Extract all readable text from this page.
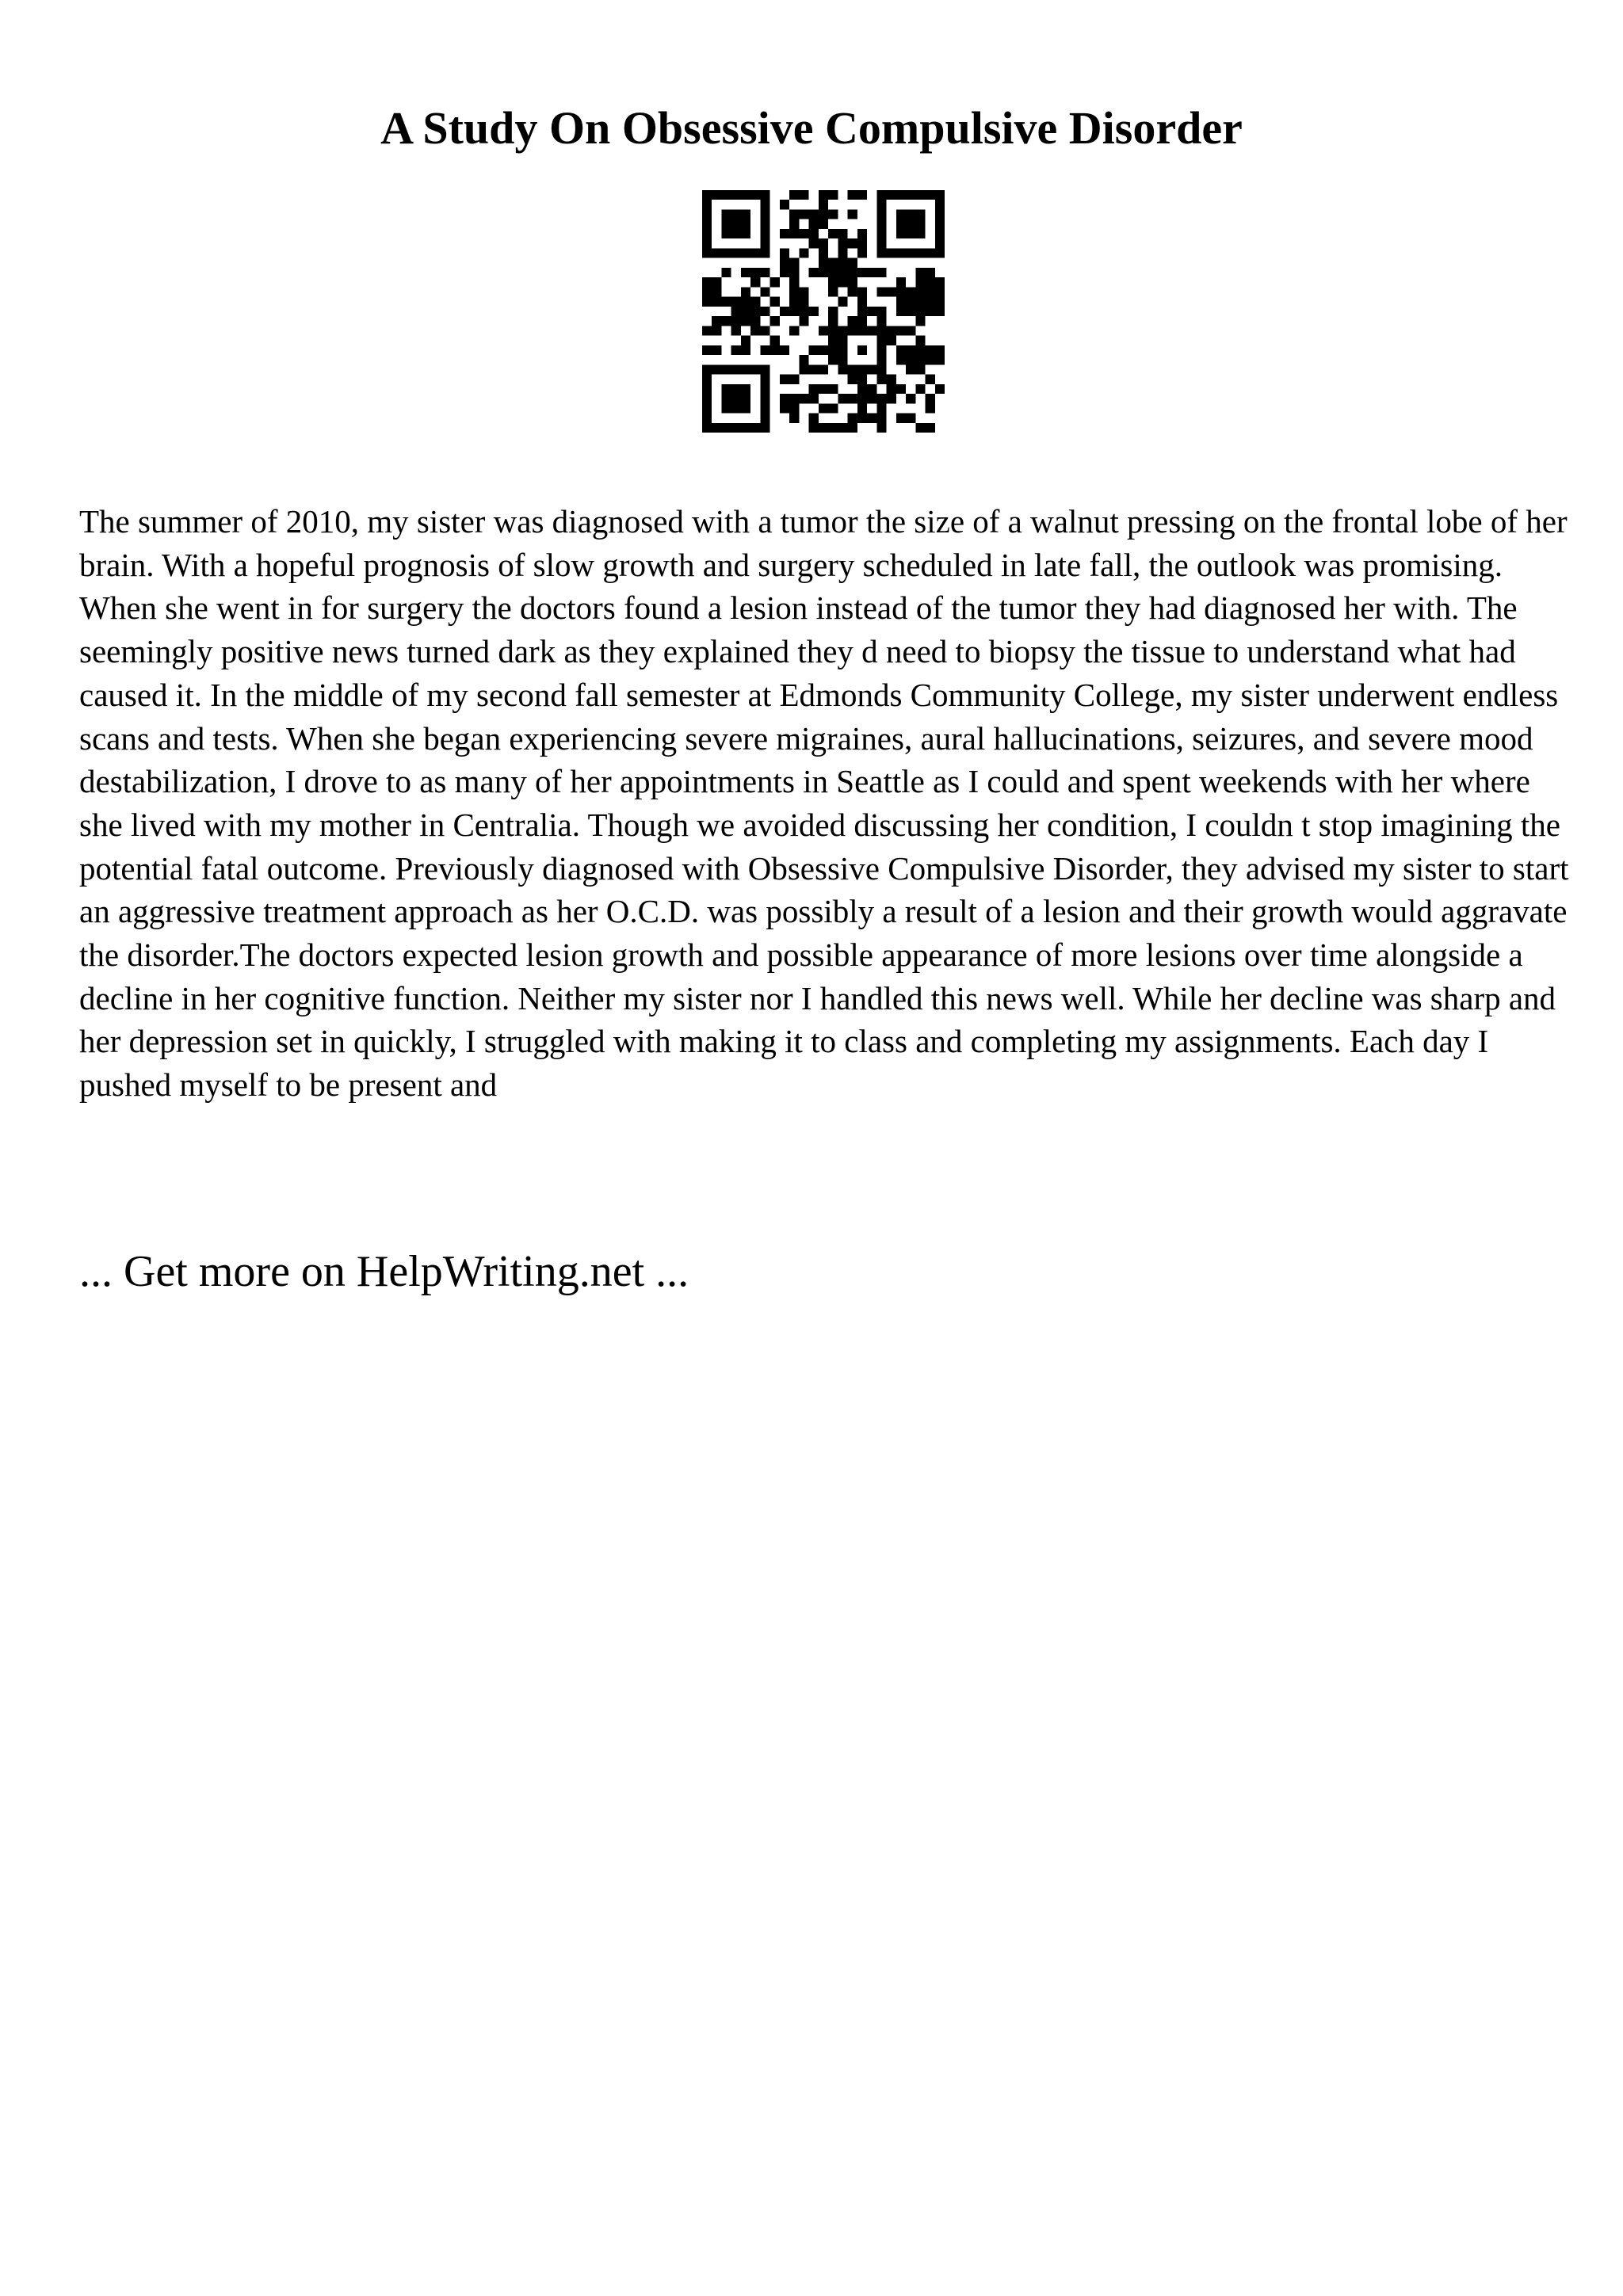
A Study On Obsessive Compulsive Disorder

The summer of 2010, my sister was diagnosed with a tumor the size of a walnut pressing on the frontal lobe of her brain. With a hopeful prognosis of slow growth and surgery scheduled in late fall, the outlook was promising. When she went in for surgery the doctors found a lesion instead of the tumor they had diagnosed her with. The seemingly positive news turned dark as they explained they d need to biopsy the tissue to understand what had caused it. In the middle of my second fall semester at Edmonds Community College, my sister underwent endless scans and tests. When she began experiencing severe migraines, aural hallucinations, seizures, and severe mood destabilization, I drove to as many of her appointments in Seattle as I could and spent weekends with her where she lived with my mother in Centralia. Though we avoided discussing her condition, I couldn t stop imagining the potential fatal outcome. Previously diagnosed with Obsessive Compulsive Disorder, they advised my sister to start an aggressive treatment approach as her O.C.D. was possibly a result of a lesion and their growth would aggravate the disorder.The doctors expected lesion growth and possible appearance of more lesions over time alongside a decline in her cognitive function. Neither my sister nor I handled this news well. While her decline was sharp and her depression set in quickly, I struggled with making it to class and completing my assignments. Each day I pushed myself to be present and

... Get more on HelpWriting.net ...
